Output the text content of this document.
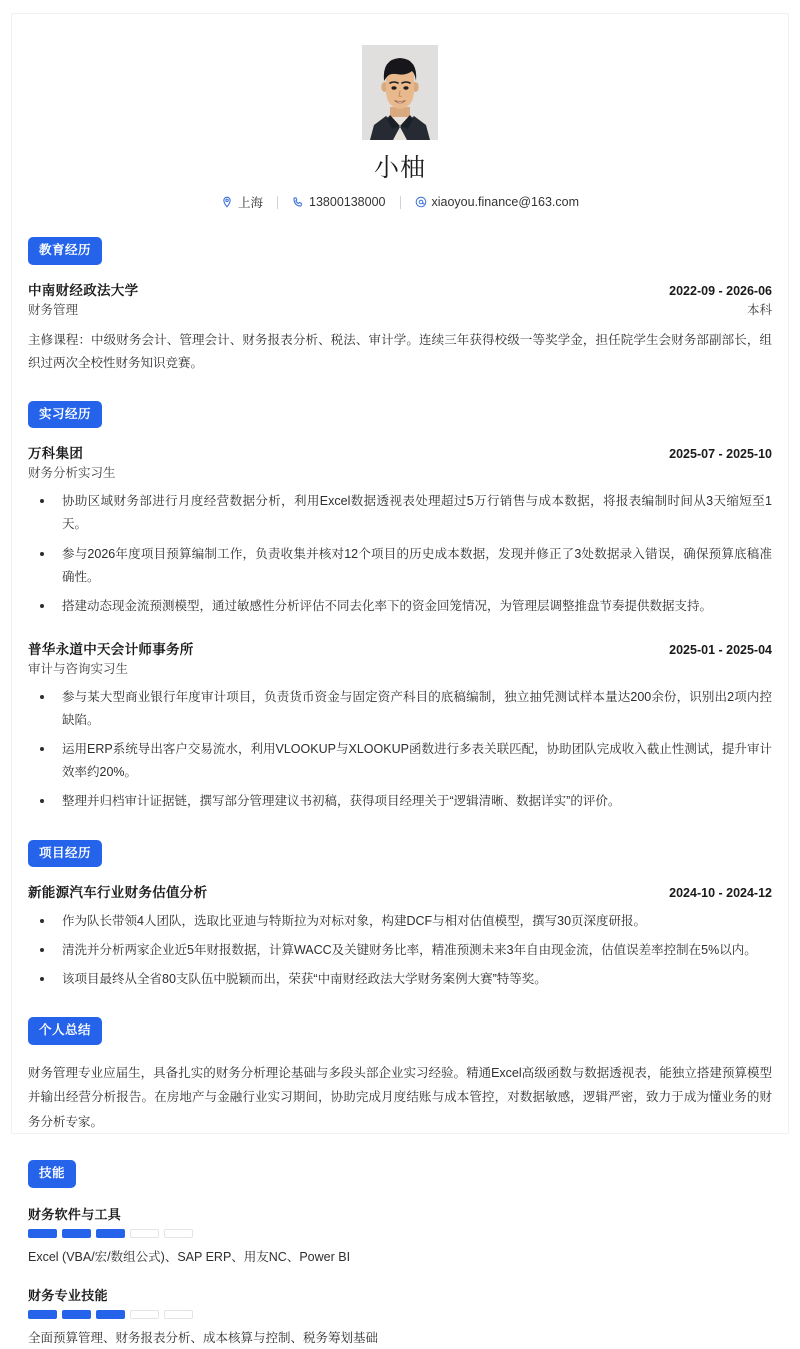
小柚
上海	13800138000	xiaoyou.finance@163.com
教育经历
中南财经政法大学	2022-09 - 2026-06
财务管理	本科

主修课程：中级财务会计、管理会计、财务报表分析、税法、审计学。连续三年获得校级一等奖学金，担任院学生会财务部副部长，组织过两次全校性财务知识竞赛。

实习经历
万科集团	2025-07 - 2025-10
财务分析实习生
协助区域财务部进行月度经营数据分析，利用Excel数据透视表处理超过5万行销售与成本数据，将报表编制时间从3天缩短至1天。
参与2026年度项目预算编制工作，负责收集并核对12个项目的历史成本数据，发现并修正了3处数据录入错误，确保预算底稿准确性。
搭建动态现金流预测模型，通过敏感性分析评估不同去化率下的资金回笼情况，为管理层调整推盘节奏提供数据支持。
普华永道中天会计师事务所	2025-01 - 2025-04
审计与咨询实习生
参与某大型商业银行年度审计项目，负责货币资金与固定资产科目的底稿编制，独立抽凭测试样本量达200余份，识别出2项内控缺陷。
运用ERP系统导出客户交易流水，利用VLOOKUP与XLOOKUP函数进行多表关联匹配，协助团队完成收入截止性测试，提升审计效率约20%。
整理并归档审计证据链，撰写部分管理建议书初稿，获得项目经理关于“逻辑清晰、数据详实”的评价。
项目经历
新能源汽车行业财务估值分析	2024-10 - 2024-12
作为队长带领4人团队，选取比亚迪与特斯拉为对标对象，构建DCF与相对估值模型，撰写30页深度研报。
清洗并分析两家企业近5年财报数据，计算WACC及关键财务比率，精准预测未来3年自由现金流，估值误差率控制在5%以内。
该项目最终从全省80支队伍中脱颖而出，荣获“中南财经政法大学财务案例大赛”特等奖。
个人总结

财务管理专业应届生，具备扎实的财务分析理论基础与多段头部企业实习经验。精通Excel高级函数与数据透视表，能独立搭建预算模型并输出经营分析报告。在房地产与金融行业实习期间，协助完成月度结账与成本管控，对数据敏感，逻辑严密，致力于成为懂业务的财务分析专家。

技能
财务软件与工具
Excel (VBA/宏/数组公式)、SAP ERP、用友NC、Power BI
财务专业技能
全面预算管理、财务报表分析、成本核算与控制、税务筹划基础
